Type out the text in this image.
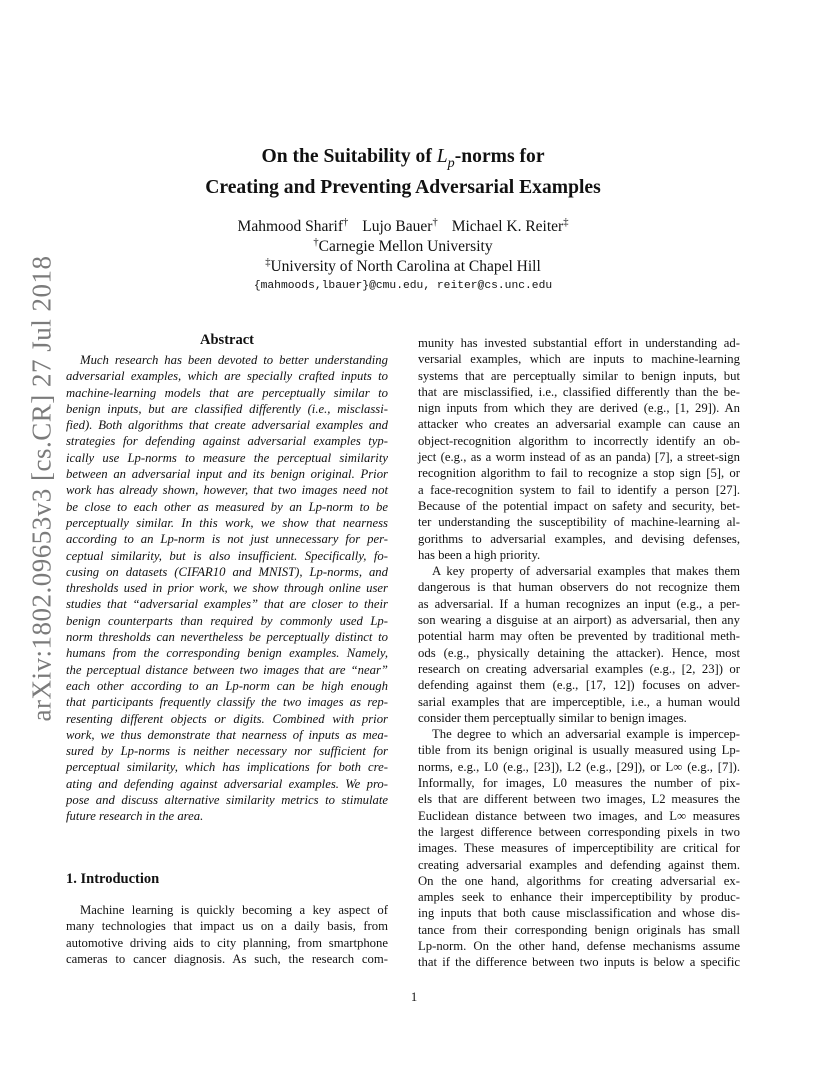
arXiv:1802.09653v3 [cs.CR] 27 Jul 2018
On the Suitability of $L_p$-norms for
Creating and Preventing Adversarial Examples
Mahmood Sharif† Lujo Bauer† Michael K. Reiter‡
†Carnegie Mellon University
‡University of North Carolina at Chapel Hill
{mahmoods,lbauer}@cmu.edu, reiter@cs.unc.edu
Abstract
Much research has been devoted to better understanding
adversarial examples, which are specially crafted inputs to
machine-learning models that are perceptually similar to
benign inputs, but are classified differently (i.e., misclassi-
fied). Both algorithms that create adversarial examples and
strategies for defending against adversarial examples typ-
ically use Lp-norms to measure the perceptual similarity
between an adversarial input and its benign original. Prior
work has already shown, however, that two images need not
be close to each other as measured by an Lp-norm to be
perceptually similar. In this work, we show that nearness
according to an Lp-norm is not just unnecessary for per-
ceptual similarity, but is also insufficient. Specifically, fo-
cusing on datasets (CIFAR10 and MNIST), Lp-norms, and
thresholds used in prior work, we show through online user
studies that “adversarial examples” that are closer to their
benign counterparts than required by commonly used Lp-
norm thresholds can nevertheless be perceptually distinct to
humans from the corresponding benign examples. Namely,
the perceptual distance between two images that are “near”
each other according to an Lp-norm can be high enough
that participants frequently classify the two images as rep-
resenting different objects or digits. Combined with prior
work, we thus demonstrate that nearness of inputs as mea-
sured by Lp-norms is neither necessary nor sufficient for
perceptual similarity, which has implications for both cre-
ating and defending against adversarial examples. We pro-
pose and discuss alternative similarity metrics to stimulate
future research in the area.
1. Introduction
Machine learning is quickly becoming a key aspect of
many technologies that impact us on a daily basis, from
automotive driving aids to city planning, from smartphone
cameras to cancer diagnosis. As such, the research com-
munity has invested substantial effort in understanding ad-
versarial examples, which are inputs to machine-learning
systems that are perceptually similar to benign inputs, but
that are misclassified, i.e., classified differently than the be-
nign inputs from which they are derived (e.g., [1, 29]). An
attacker who creates an adversarial example can cause an
object-recognition algorithm to incorrectly identify an ob-
ject (e.g., as a worm instead of as an panda) [7], a street-sign
recognition algorithm to fail to recognize a stop sign [5], or
a face-recognition system to fail to identify a person [27].
Because of the potential impact on safety and security, bet-
ter understanding the susceptibility of machine-learning al-
gorithms to adversarial examples, and devising defenses,
has been a high priority.
A key property of adversarial examples that makes them
dangerous is that human observers do not recognize them
as adversarial. If a human recognizes an input (e.g., a per-
son wearing a disguise at an airport) as adversarial, then any
potential harm may often be prevented by traditional meth-
ods (e.g., physically detaining the attacker). Hence, most
research on creating adversarial examples (e.g., [2, 23]) or
defending against them (e.g., [17, 12]) focuses on adver-
sarial examples that are imperceptible, i.e., a human would
consider them perceptually similar to benign images.
The degree to which an adversarial example is impercep-
tible from its benign original is usually measured using Lp-
norms, e.g., L0 (e.g., [23]), L2 (e.g., [29]), or L∞ (e.g., [7]).
Informally, for images, L0 measures the number of pix-
els that are different between two images, L2 measures the
Euclidean distance between two images, and L∞ measures
the largest difference between corresponding pixels in two
images. These measures of imperceptibility are critical for
creating adversarial examples and defending against them.
On the one hand, algorithms for creating adversarial ex-
amples seek to enhance their imperceptibility by produc-
ing inputs that both cause misclassification and whose dis-
tance from their corresponding benign originals has small
Lp-norm. On the other hand, defense mechanisms assume
that if the difference between two inputs is below a specific
1
